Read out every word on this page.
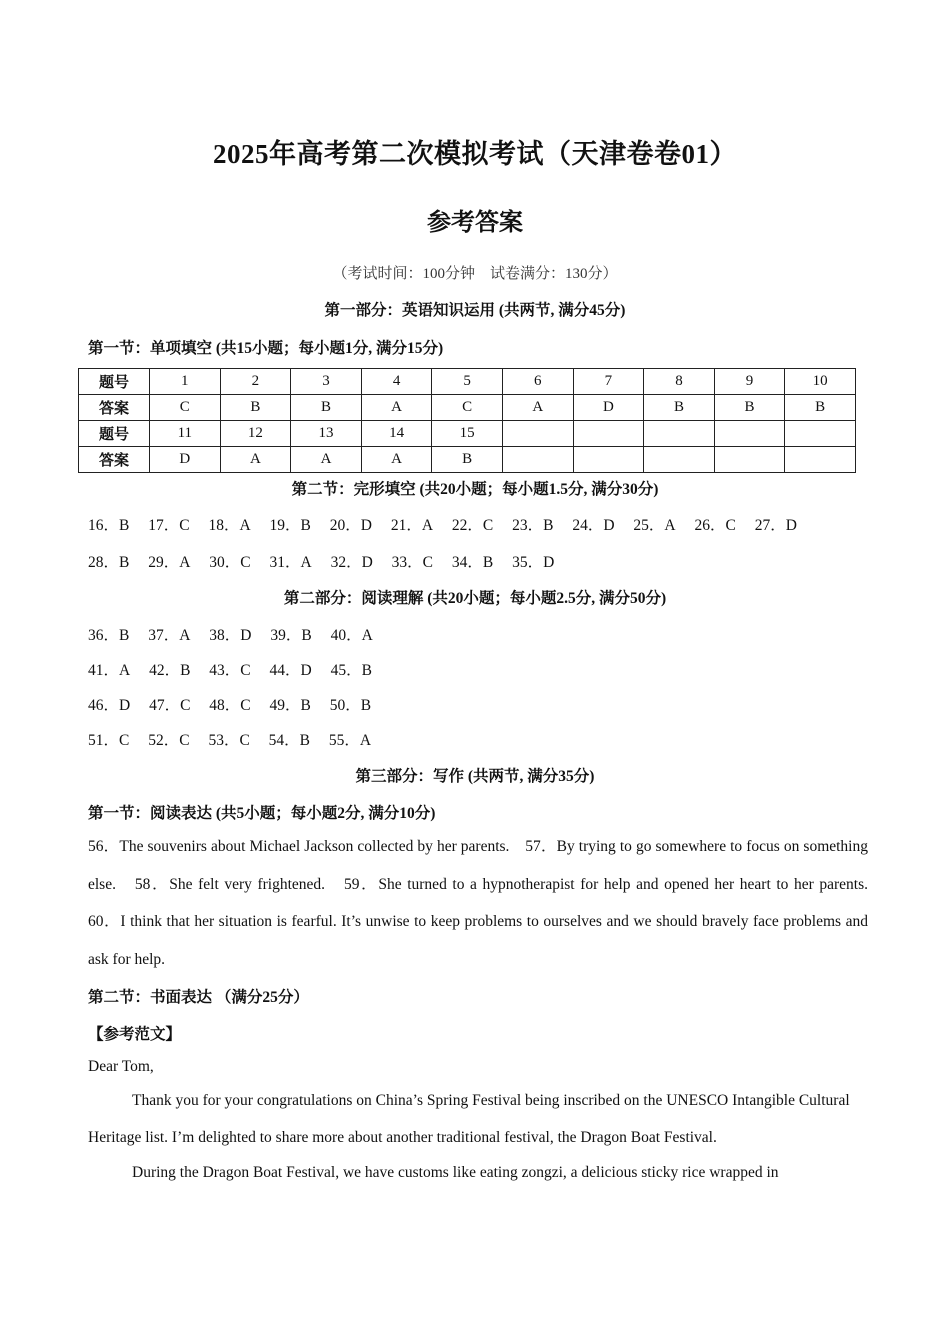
2025年高考第二次模拟考试（天津卷卷01）
参考答案
（考试时间：100分钟　试卷满分：130分）
第一部分：英语知识运用 (共两节, 满分45分)
第一节：单项填空 (共15小题；每小题1分, 满分15分)
题号	1	2	3	4	5	6	7	8	9	10
答案	C	B	B	A	C	A	D	B	B	B
题号	11	12	13	14	15					
答案	D	A	A	A	B					
第二节：完形填空 (共20小题；每小题1.5分, 满分30分)
16．B 17．C 18．A 19．B 20．D 21．A 22．C 23．B 24．D 25．A 26．C 27．D
28．B 29．A 30．C 31．A 32．D 33．C 34．B 35．D
第二部分：阅读理解 (共20小题；每小题2.5分, 满分50分)
36．B 37．A 38．D 39．B 40．A
41．A 42．B 43．C 44．D 45．B
46．D 47．C 48．C 49．B 50．B
51．C 52．C 53．C 54．B 55．A
第三部分：写作 (共两节, 满分35分)
第一节：阅读表达 (共5小题；每小题2分, 满分10分)
56．The souvenirs about Michael Jackson collected by her parents.　57．By trying to go somewhere to focus on something else.　58．She felt very frightened.　59．She turned to a hypnotherapist for help and opened her heart to her parents.　60．I think that her situation is fearful. It’s unwise to keep problems to ourselves and we should bravely face problems and ask for help.
第二节：书面表达 （满分25分）
【参考范文】
Dear Tom,
Thank you for your congratulations on China’s Spring Festival being inscribed on the UNESCO Intangible Cultural Heritage list. I’m delighted to share more about another traditional festival, the Dragon Boat Festival.
During the Dragon Boat Festival, we have customs like eating zongzi, a delicious sticky rice wrapped in
